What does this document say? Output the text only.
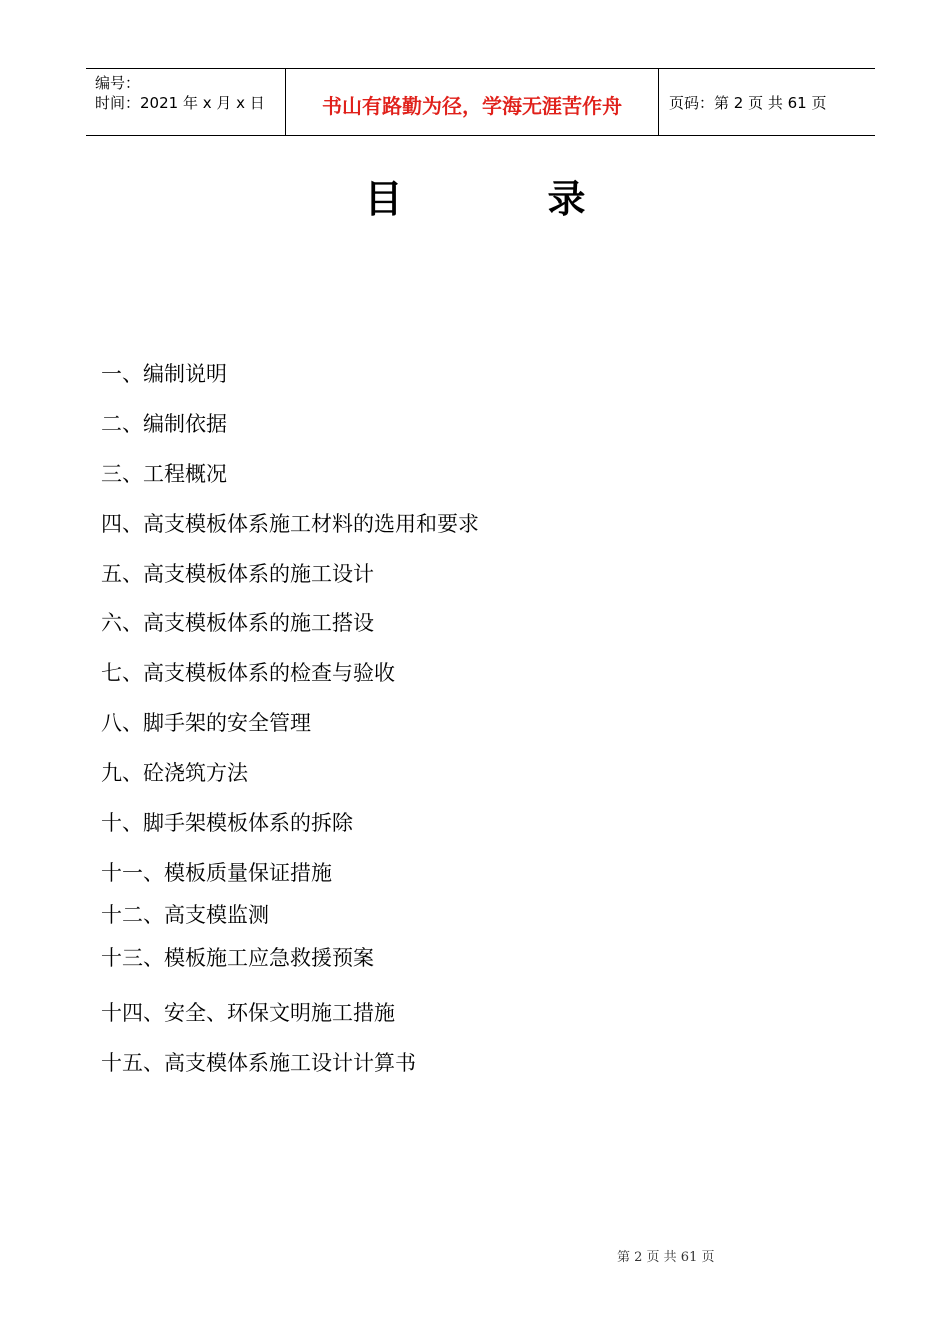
编号：
时间：2021 年 x 月 x 日	书山有路勤为径，学海无涯苦作舟	页码：第 2 页 共 61 页
目	录
一、编制说明
二、编制依据
三、工程概况
四、高支模板体系施工材料的选用和要求
五、高支模板体系的施工设计
六、高支模板体系的施工搭设
七、高支模板体系的检查与验收
八、脚手架的安全管理
九、砼浇筑方法
十、脚手架模板体系的拆除
十一、模板质量保证措施
十二、高支模监测
十三、模板施工应急救援预案
十四、安全、环保文明施工措施
十五、高支模体系施工设计计算书
第 2 页 共 61 页
